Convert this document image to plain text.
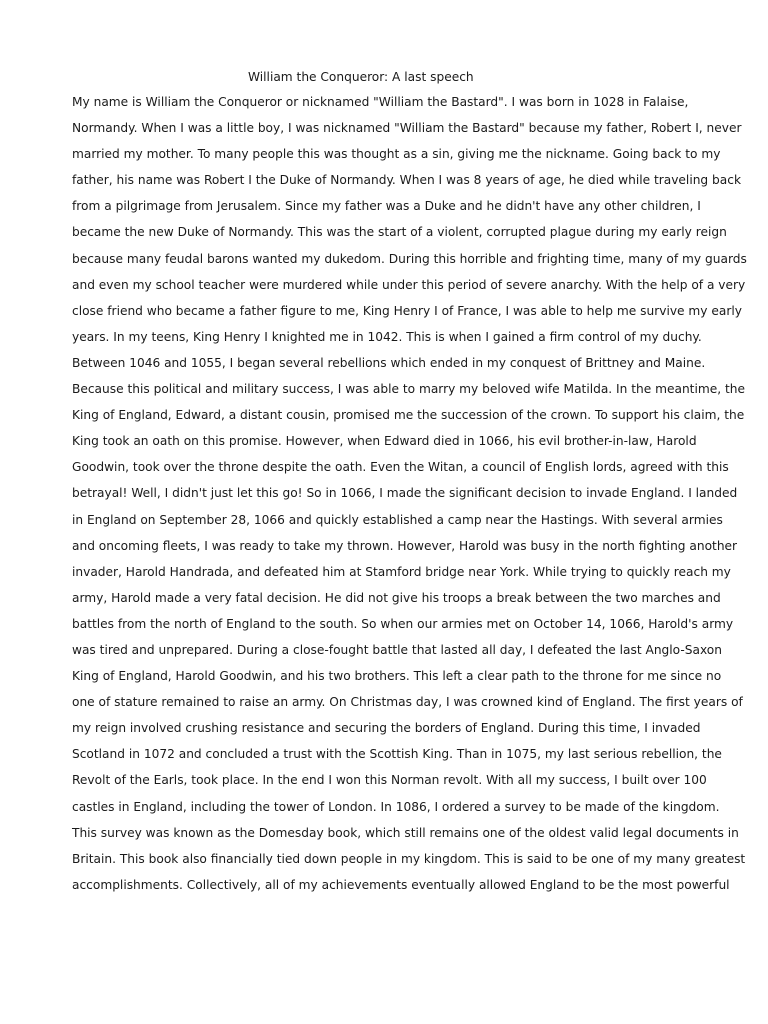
William the Conqueror: A last speech
My name is William the Conqueror or nicknamed "William the Bastard". I was born in 1028 in Falaise,
Normandy. When I was a little boy, I was nicknamed "William the Bastard" because my father, Robert I, never
married my mother. To many people this was thought as a sin, giving me the nickname. Going back to my
father, his name was Robert I the Duke of Normandy. When I was 8 years of age, he died while traveling back
from a pilgrimage from Jerusalem. Since my father was a Duke and he didn't have any other children, I
became the new Duke of Normandy. This was the start of a violent, corrupted plague during my early reign
because many feudal barons wanted my dukedom. During this horrible and frighting time, many of my guards
and even my school teacher were murdered while under this period of severe anarchy. With the help of a very
close friend who became a father figure to me, King Henry I of France, I was able to help me survive my early
years. In my teens, King Henry I knighted me in 1042. This is when I gained a firm control of my duchy.
Between 1046 and 1055, I began several rebellions which ended in my conquest of Brittney and Maine.
Because this political and military success, I was able to marry my beloved wife Matilda. In the meantime, the
King of England, Edward, a distant cousin, promised me the succession of the crown. To support his claim, the
King took an oath on this promise. However, when Edward died in 1066, his evil brother-in-law, Harold
Goodwin, took over the throne despite the oath. Even the Witan, a council of English lords, agreed with this
betrayal! Well, I didn't just let this go! So in 1066, I made the significant decision to invade England. I landed
in England on September 28, 1066 and quickly established a camp near the Hastings. With several armies
and oncoming fleets, I was ready to take my thrown. However, Harold was busy in the north fighting another
invader, Harold Handrada, and defeated him at Stamford bridge near York. While trying to quickly reach my
army, Harold made a very fatal decision. He did not give his troops a break between the two marches and
battles from the north of England to the south. So when our armies met on October 14, 1066, Harold's army
was tired and unprepared. During a close-fought battle that lasted all day, I defeated the last Anglo-Saxon
King of England, Harold Goodwin, and his two brothers. This left a clear path to the throne for me since no
one of stature remained to raise an army. On Christmas day, I was crowned kind of England. The first years of
my reign involved crushing resistance and securing the borders of England. During this time, I invaded
Scotland in 1072 and concluded a trust with the Scottish King. Than in 1075, my last serious rebellion, the
Revolt of the Earls, took place. In the end I won this Norman revolt. With all my success, I built over 100
castles in England, including the tower of London. In 1086, I ordered a survey to be made of the kingdom.
This survey was known as the Domesday book, which still remains one of the oldest valid legal documents in
Britain. This book also financially tied down people in my kingdom. This is said to be one of my many greatest
accomplishments. Collectively, all of my achievements eventually allowed England to be the most powerful
